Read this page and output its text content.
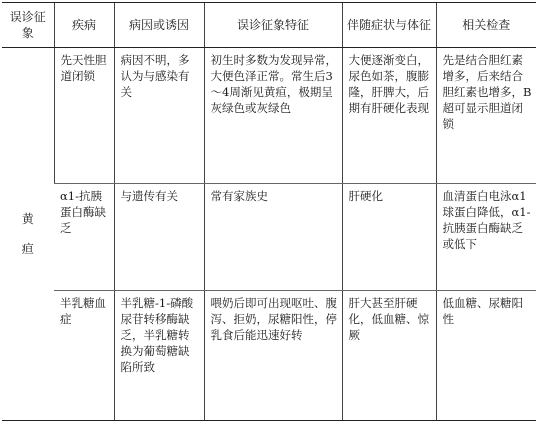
误诊征象	疾病	病因或诱因	误诊征象特征	伴随症状与体征	相关检查
黄疸	先天性胆道闭锁	病因不明，多认为与感染有关	初生时多数为发现异常，大便色泽正常。常生后3～4周渐见黄疸，极期呈灰绿色或灰绿色	大便逐渐变白，尿色如茶，腹膨隆，肝脾大，后期有肝硬化表现	先是结合胆红素增多，后来结合胆红素也增多，B超可显示胆道闭锁
	α1-抗胰蛋白酶缺乏	与遗传有关	常有家族史	肝硬化	血清蛋白电泳α1球蛋白降低，α1-抗胰蛋白酶缺乏或低下
	半乳糖血症	半乳糖-1-磷酸尿苷转移酶缺乏，半乳糖转换为葡萄糖缺陷所致	喂奶后即可出现呕吐、腹泻、拒奶，尿糖阳性，停乳食后能迅速好转	肝大甚至肝硬化，低血糖、惊厥	低血糖、尿糖阳性
